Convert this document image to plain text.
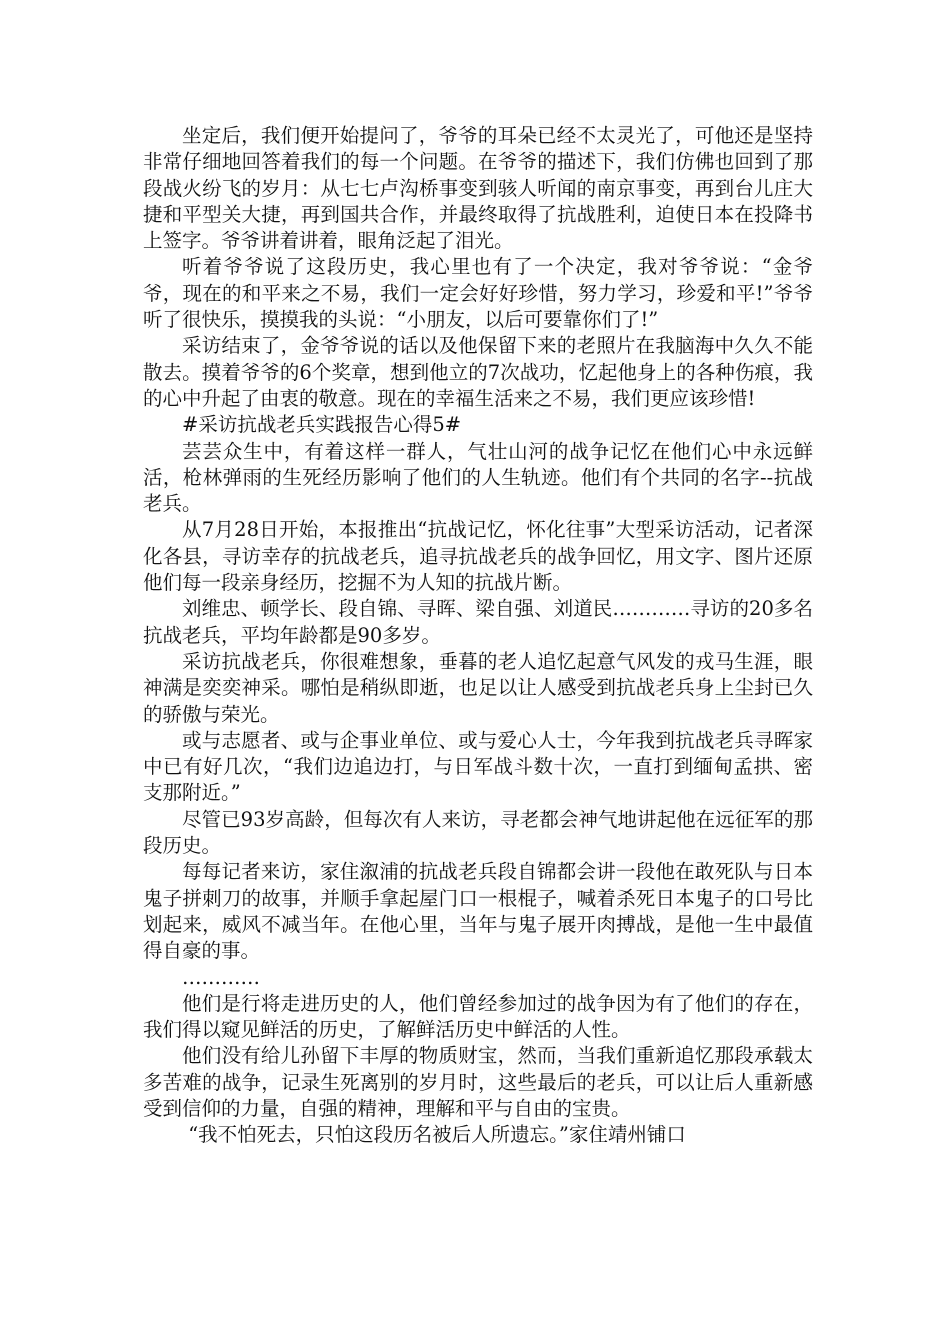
坐定后，我们便开始提问了，爷爷的耳朵已经不太灵光了，可他还是坚持非常仔细地回答着我们的每一个问题。在爷爷的描述下，我们仿佛也回到了那段战火纷飞的岁月：从七七卢沟桥事变到骇人听闻的南京事变，再到台儿庄大捷和平型关大捷，再到国共合作，并最终取得了抗战胜利，迫使日本在投降书上签字。爷爷讲着讲着，眼角泛起了泪光。

听着爷爷说了这段历史，我心里也有了一个决定，我对爷爷说：“金爷爷，现在的和平来之不易，我们一定会好好珍惜，努力学习，珍爱和平!”爷爷听了很快乐，摸摸我的头说：“小朋友，以后可要靠你们了!”

采访结束了，金爷爷说的话以及他保留下来的老照片在我脑海中久久不能散去。摸着爷爷的6个奖章，想到他立的7次战功，忆起他身上的各种伤痕，我的心中升起了由衷的敬意。现在的幸福生活来之不易，我们更应该珍惜!

#采访抗战老兵实践报告心得5#

芸芸众生中，有着这样一群人，气壮山河的战争记忆在他们心中永远鲜活，枪林弹雨的生死经历影响了他们的人生轨迹。他们有个共同的名字--抗战老兵。

从7月28日开始，本报推出“抗战记忆，怀化往事”大型采访活动，记者深化各县，寻访幸存的抗战老兵，追寻抗战老兵的战争回忆，用文字、图片还原他们每一段亲身经历，挖掘不为人知的抗战片断。

刘维忠、顿学长、段自锦、寻晖、梁自强、刘道民…………寻访的20多名抗战老兵，平均年龄都是90多岁。

采访抗战老兵，你很难想象，垂暮的老人追忆起意气风发的戎马生涯，眼神满是奕奕神采。哪怕是稍纵即逝，也足以让人感受到抗战老兵身上尘封已久的骄傲与荣光。

或与志愿者、或与企事业单位、或与爱心人士，今年我到抗战老兵寻晖家中已有好几次，“我们边追边打，与日军战斗数十次，一直打到缅甸孟拱、密支那附近。”

尽管已93岁高龄，但每次有人来访，寻老都会神气地讲起他在远征军的那段历史。

每每记者来访，家住溆浦的抗战老兵段自锦都会讲一段他在敢死队与日本鬼子拼刺刀的故事，并顺手拿起屋门口一根棍子，喊着杀死日本鬼子的口号比划起来，威风不减当年。在他心里，当年与鬼子展开肉搏战，是他一生中最值得自豪的事。

…………

他们是行将走进历史的人，他们曾经参加过的战争因为有了他们的存在，我们得以窥见鲜活的历史，了解鲜活历史中鲜活的人性。

他们没有给儿孙留下丰厚的物质财宝，然而，当我们重新追忆那段承载太多苦难的战争，记录生死离别的岁月时，这些最后的老兵，可以让后人重新感受到信仰的力量，自强的精神，理解和平与自由的宝贵。

“我不怕死去，只怕这段历名被后人所遗忘。”家住靖州铺口
